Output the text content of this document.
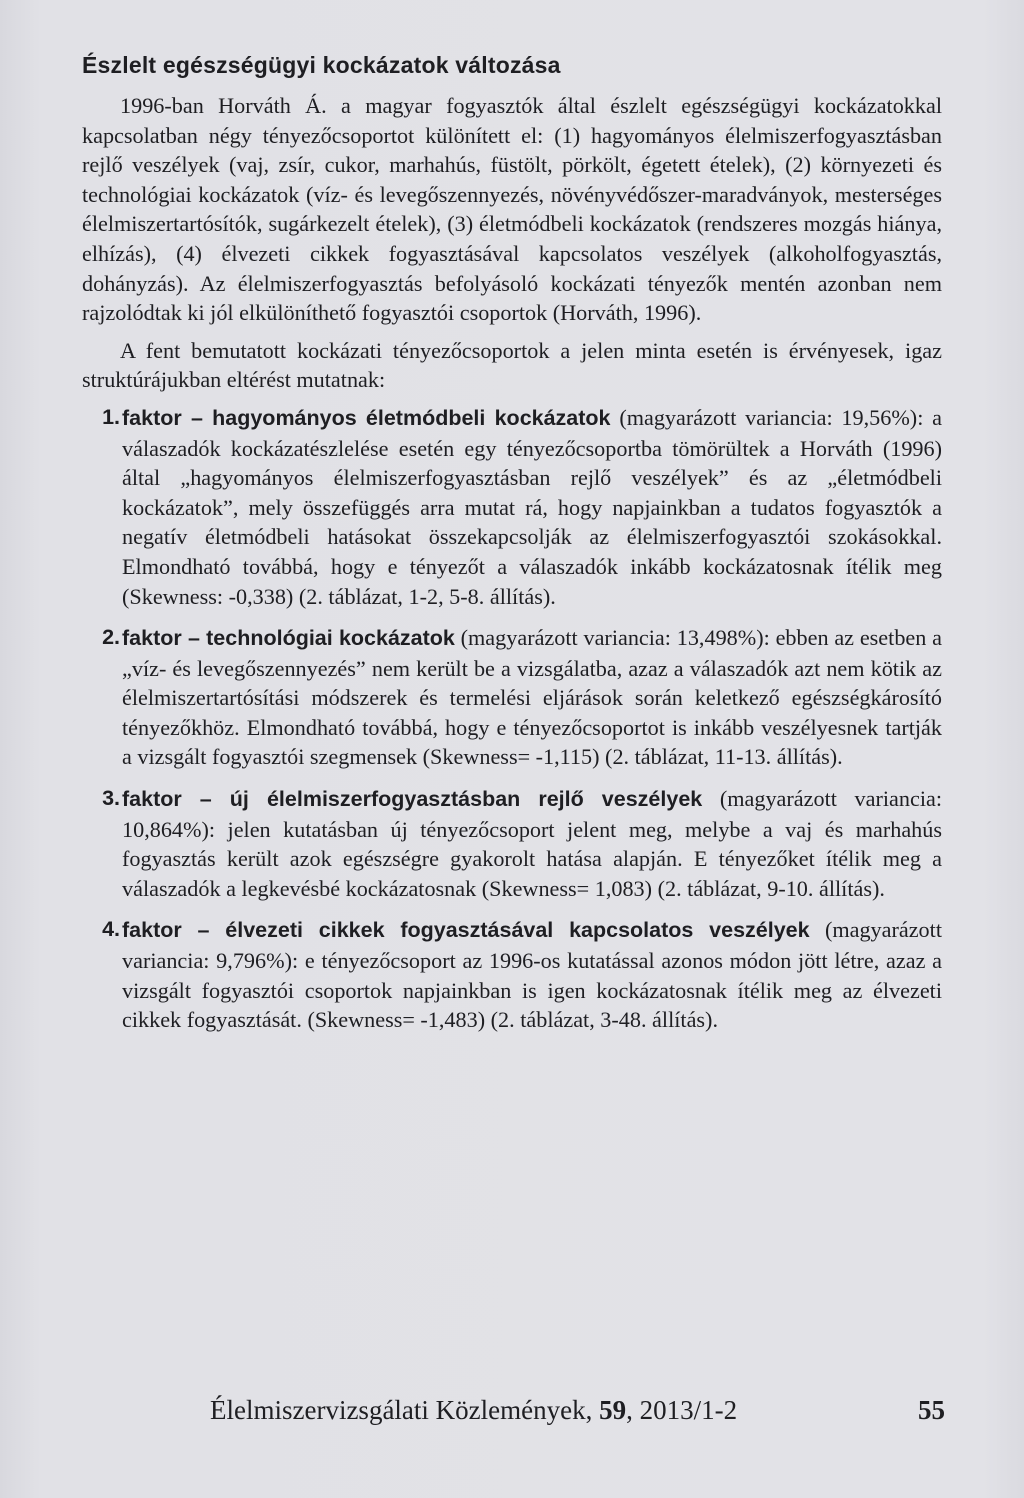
Észlelt egészségügyi kockázatok változása

1996-ban Horváth Á. a magyar fogyasztók által észlelt egészségügyi kockázatokkal kapcsolatban négy tényezőcsoportot különített el: (1) hagyományos élelmiszerfogyasztásban rejlő veszélyek (vaj, zsír, cukor, marhahús, füstölt, pörkölt, égetett ételek), (2) környezeti és technológiai kockázatok (víz- és levegőszennyezés, növényvédőszer-maradványok, mesterséges élelmiszertartósítók, sugárkezelt ételek), (3) életmódbeli kockázatok (rendszeres mozgás hiánya, elhízás), (4) élvezeti cikkek fogyasztásával kapcsolatos veszélyek (alkoholfogyasztás, dohányzás). Az élelmiszerfogyasztás befolyásoló kockázati tényezők mentén azonban nem rajzolódtak ki jól elkülöníthető fogyasztói csoportok (Horváth, 1996).

A fent bemutatott kockázati tényezőcsoportok a jelen minta esetén is érvényesek, igaz struktúrájukban eltérést mutatnak:

1. faktor – hagyományos életmódbeli kockázatok (magyarázott variancia: 19,56%): a válaszadók kockázatészlelése esetén egy tényezőcsoportba tömörültek a Horváth (1996) által „hagyományos élelmiszerfogyasztásban rejlő veszélyek” és az „életmódbeli kockázatok”, mely összefüggés arra mutat rá, hogy napjainkban a tudatos fogyasztók a negatív életmódbeli hatásokat összekapcsolják az élelmiszerfogyasztói szokásokkal. Elmondható továbbá, hogy e tényezőt a válaszadók inkább kockázatosnak ítélik meg (Skewness: -0,338) (2. táblázat, 1-2, 5-8. állítás).
2. faktor – technológiai kockázatok (magyarázott variancia: 13,498%): ebben az esetben a „víz- és levegőszennyezés” nem került be a vizsgálatba, azaz a válaszadók azt nem kötik az élelmiszertartósítási módszerek és termelési eljárások során keletkező egészségkárosító tényezőkhöz. Elmondható továbbá, hogy e tényezőcsoportot is inkább veszélyesnek tartják a vizsgált fogyasztói szegmensek (Skewness= -1,115) (2. táblázat, 11-13. állítás).
3. faktor – új élelmiszerfogyasztásban rejlő veszélyek (magyarázott variancia: 10,864%): jelen kutatásban új tényezőcsoport jelent meg, melybe a vaj és marhahús fogyasztás került azok egészségre gyakorolt hatása alapján. E tényezőket ítélik meg a válaszadók a legkevésbé kockázatosnak (Skewness= 1,083) (2. táblázat, 9-10. állítás).
4. faktor – élvezeti cikkek fogyasztásával kapcsolatos veszélyek (magyarázott variancia: 9,796%): e tényezőcsoport az 1996-os kutatással azonos módon jött létre, azaz a vizsgált fogyasztói csoportok napjainkban is igen kockázatosnak ítélik meg az élvezeti cikkek fogyasztását. (Skewness= -1,483) (2. táblázat, 3-48. állítás).
Élelmiszervizsgálati Közlemények, 59, 2013/1-2	55
